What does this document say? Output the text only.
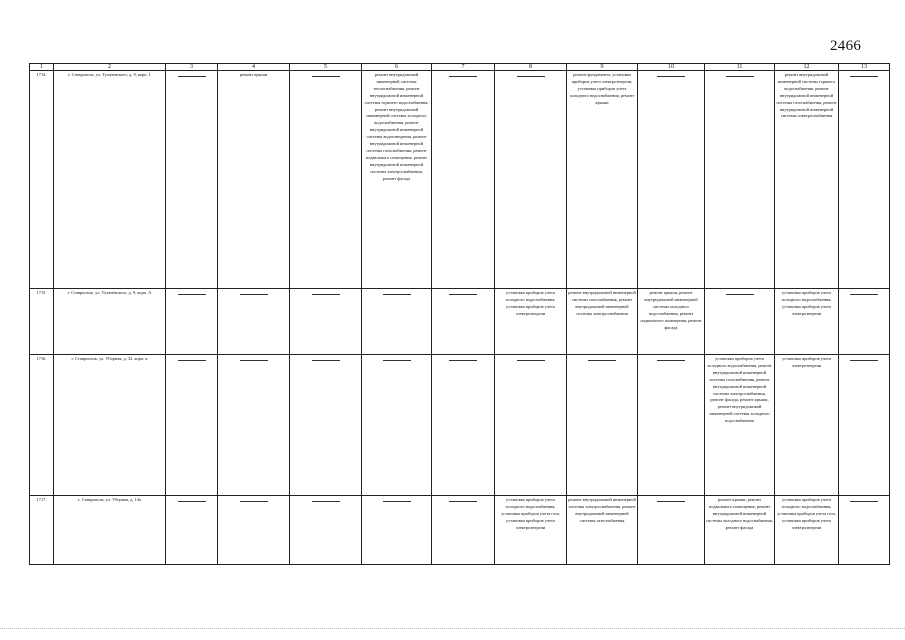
2466
1	2	3	4	5	6	7	8	9	10	11	12	13
1714.	г. Ставрополь, ул. Тухачевского, д. 9, корп. 1		ремонт крыши		ремонт внутридомовой инженерной системы теплоснабжения, ремонт внутридомовой инженерной системы горячего водоснабжения, ремонт внутридомовой инженерной системы холодного водоснабжения, ремонт внутридомовой инженерной системы водоотведения, ремонт внутридомовой инженерной системы газоснабжения, ремонт подвального помещения, ремонт внутридомовой инженерной системы электроснабжения, ремонт фасада			ремонт фундамента, установка приборов учета электроэнергии, установка приборов учета холодного водоснабжения, ремонт крыши			ремонт внутридомовой инженерной системы горячего водоснабжения, ремонт внутридомовой инженерной системы газоснабжения, ремонт внутридомовой инженерной системы электроснабжения	

1715.	г. Ставрополь, ул. Тухачевского, д. 9, корп. А						установка приборов учета холодного водоснабжения, установка приборов учета электроэнергии	ремонт внутридомовой инженерной системы газоснабжения, ремонт внутридомовой инженерной системы электроснабжения	ремонт крыши, ремонт внутридомовой инженерной системы холодного водоснабжения, ремонт подвального помещения, ремонт фасада		установка приборов учета холодного водоснабжения, установка приборов учета электроэнергии	

1716.	г. Ставрополь, ул. Уборная, д. 32, корп. в									установка приборов учета холодного водоснабжения, ремонт внутридомовой инженерной системы газоснабжения, ремонт внутридомовой инженерной системы электроснабжения, ремонт фасада, ремонт крыши, ремонт внутридомовой инженерной системы холодного водоснабжения	установка приборов учета электроэнергии	

1717.	г. Ставрополь, ул. Уборная, д. 14а						установка приборов учета холодного водоснабжения, установка приборов учета газа, установка приборов учета электроэнергии	ремонт внутридомовой инженерной системы электроснабжения, ремонт внутридомовой инженерной системы газоснабжения		ремонт крыши, ремонт подвального помещения, ремонт внутридомовой инженерной системы холодного водоснабжения, ремонт фасада	установка приборов учета холодного водоснабжения, установка приборов учета газа, установка приборов учета электроэнергии	
